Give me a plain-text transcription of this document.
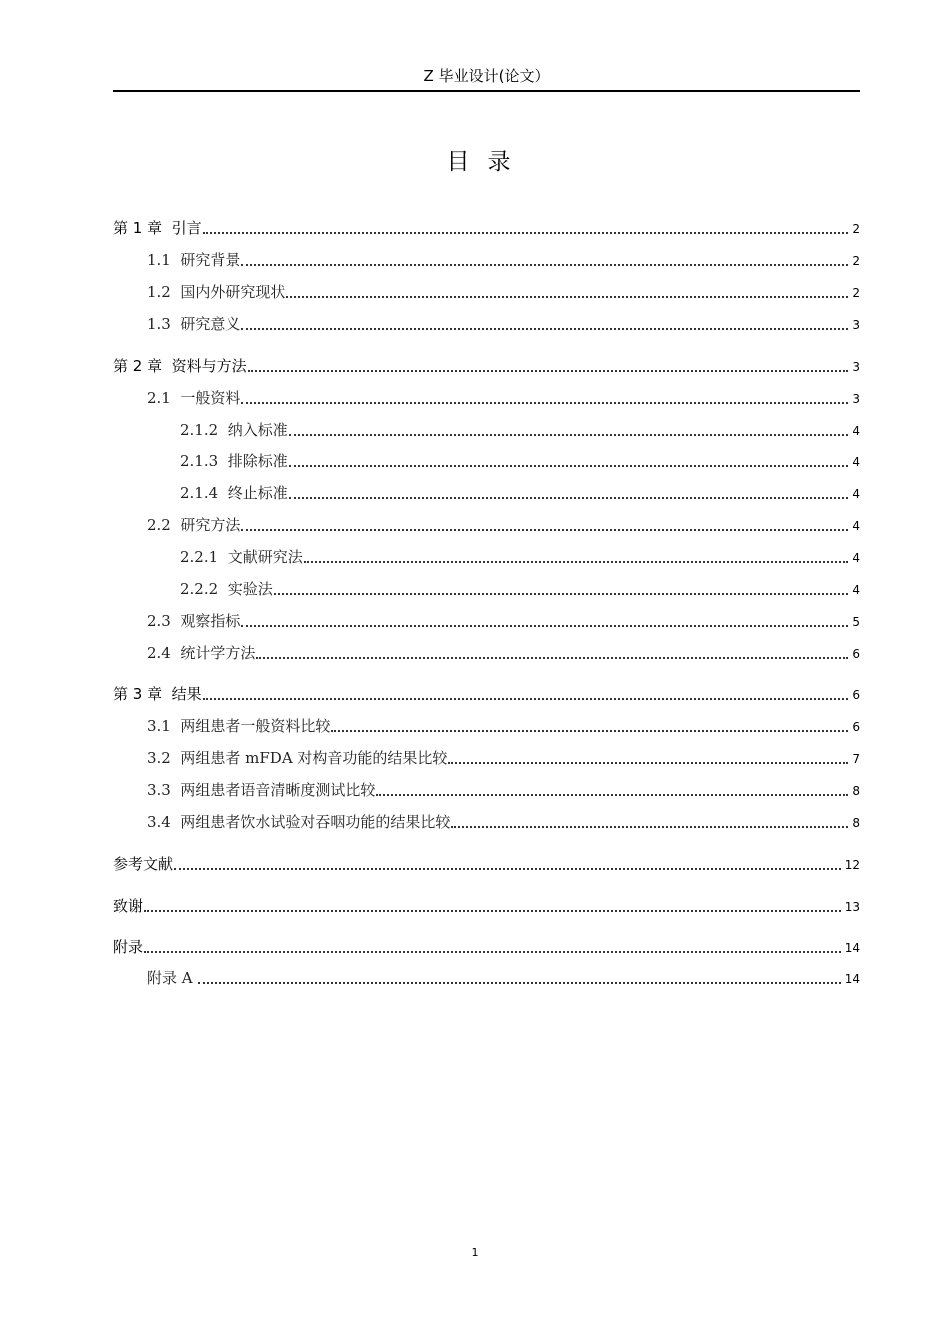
Z 毕业设计(论文）
目录
第 1 章  引言	2
1.1  研究背景	2
1.2  国内外研究现状	2
1.3  研究意义	3
第 2 章  资料与方法	3
2.1  一般资料	3
2.1.2  纳入标准	4
2.1.3  排除标准	4
2.1.4  终止标准	4
2.2  研究方法	4
2.2.1  文献研究法	4
2.2.2  实验法	4
2.3  观察指标	5
2.4  统计学方法	6
第 3 章  结果	6
3.1  两组患者一般资料比较	6
3.2  两组患者 mFDA 对构音功能的结果比较	7
3.3  两组患者语音清晰度测试比较	8
3.4  两组患者饮水试验对吞咽功能的结果比较	8
参考文献	12
致谢	13
附录	14
附录 A	14
1
